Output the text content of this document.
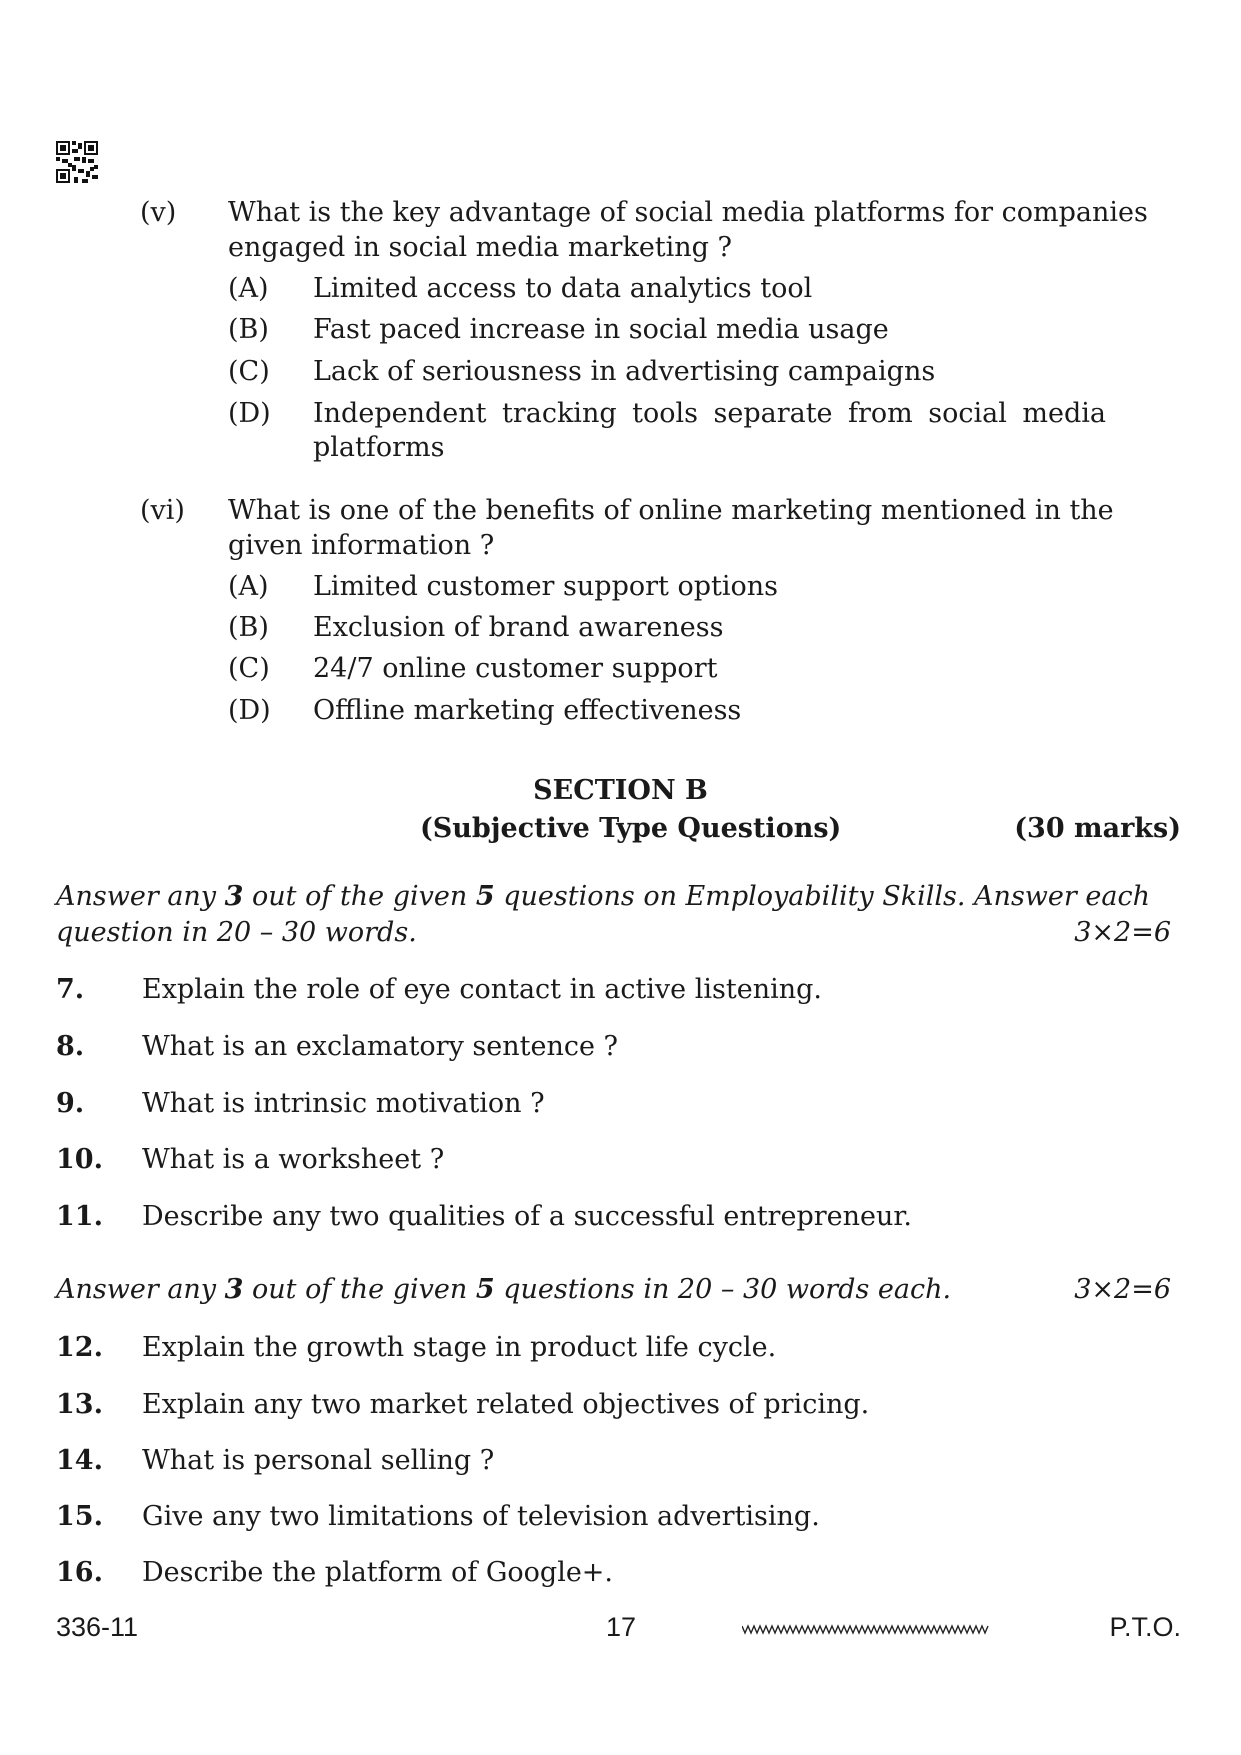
(v) What is the key advantage of social media platforms for companies
engaged in social media marketing ?
(A) Limited access to data analytics tool
(B) Fast paced increase in social media usage
(C) Lack of seriousness in advertising campaigns
(D) Independent tracking tools separate from social media
platforms
(vi) What is one of the benefits of online marketing mentioned in the
given information ?
(A) Limited customer support options
(B) Exclusion of brand awareness
(C) 24/7 online customer support
(D) Offline marketing effectiveness
SECTION B
(Subjective Type Questions)	(30 marks)
Answer any 3 out of the given 5 questions on Employability Skills. Answer each
question in 20 – 30 words.	3×2=6
7. Explain the role of eye contact in active listening.
8. What is an exclamatory sentence ?
9. What is intrinsic motivation ?
10. What is a worksheet ?
11. Describe any two qualities of a successful entrepreneur.
Answer any 3 out of the given 5 questions in 20 – 30 words each.	3×2=6
12. Explain the growth stage in product life cycle.
13. Explain any two market related objectives of pricing.
14. What is personal selling ?
15. Give any two limitations of television advertising.
16. Describe the platform of Google+.
336-11	17	P.T.O.
